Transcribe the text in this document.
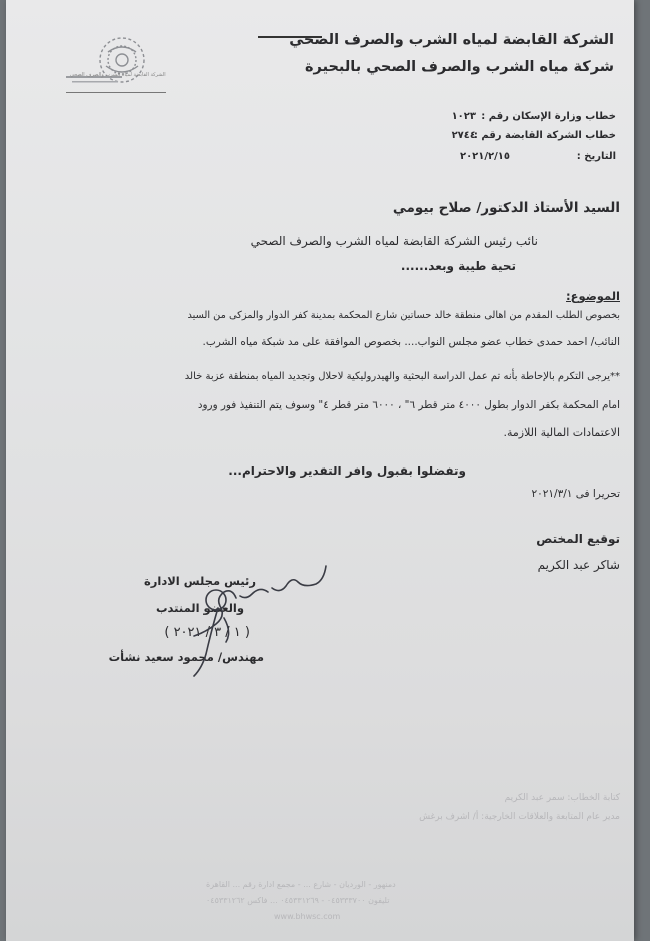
الشركة القابضة لمياه الشرب والصرف الصحي
الشركة القابضة لمياه الشرب والصرف الصحي
شركة مياه الشرب والصرف الصحي بالبحيرة
خطاب وزارة الإسكان رقم :
١٠٢٣
خطاب الشركة القابضة رقم :
٢٧٤٤
التاريخ :
٢٠٢١/٢/١٥
السيد الأستاذ الدكتور/ صلاح بيومي
نائب رئيس الشركة القابضة لمياه الشرب والصرف الصحي
تحية طيبة وبعد......
الموضوع:
بخصوص الطلب المقدم من اهالى منطقة خالد حساتين شارع المحكمة بمدينة كفر الدوار والمزكى من السيد
النائب/ احمد حمدى خطاب عضو مجلس النواب.... بخصوص الموافقة على مد شبكة مياه الشرب.
**يرجى التكرم بالإحاطة بأنه تم عمل الدراسة البحثية والهيدروليكية لاحلال وتجديد المياه بمنطقة عزبة خالد
امام المحكمة بكفر الدوار بطول ٤٠٠٠ متر قطر ٦" ، ٦٠٠٠ متر قطر ٤" وسوف يتم التنفيذ فور ورود
الاعتمادات المالية اللازمة.
وتفضلوا بقبول وافر التقدير والاحترام...
تحريرا فى ٢٠٢١/٣/١
توقيع المختص
شاكر عبد الكريم
رئيس مجلس الادارة
والعضو المنتدب
( ١ / ٣ / ٢٠٢١ )
مهندس/ محمود سعيد نشأت
كتابة الخطاب: سمر عبد الكريم
مدير عام المتابعة والعلاقات الخارجية: أ/ اشرف برغش
دمنهور - الورديان - شارع ... - مجمع ادارة رقم ... القاهرة
تليفون ٠٤٥٣٣٣٧٠٠ - ٠٤٥٣٣١٢٦٩ ... فاكس ٠٤٥٣٣١٢٦٢
www.bhwsc.com
